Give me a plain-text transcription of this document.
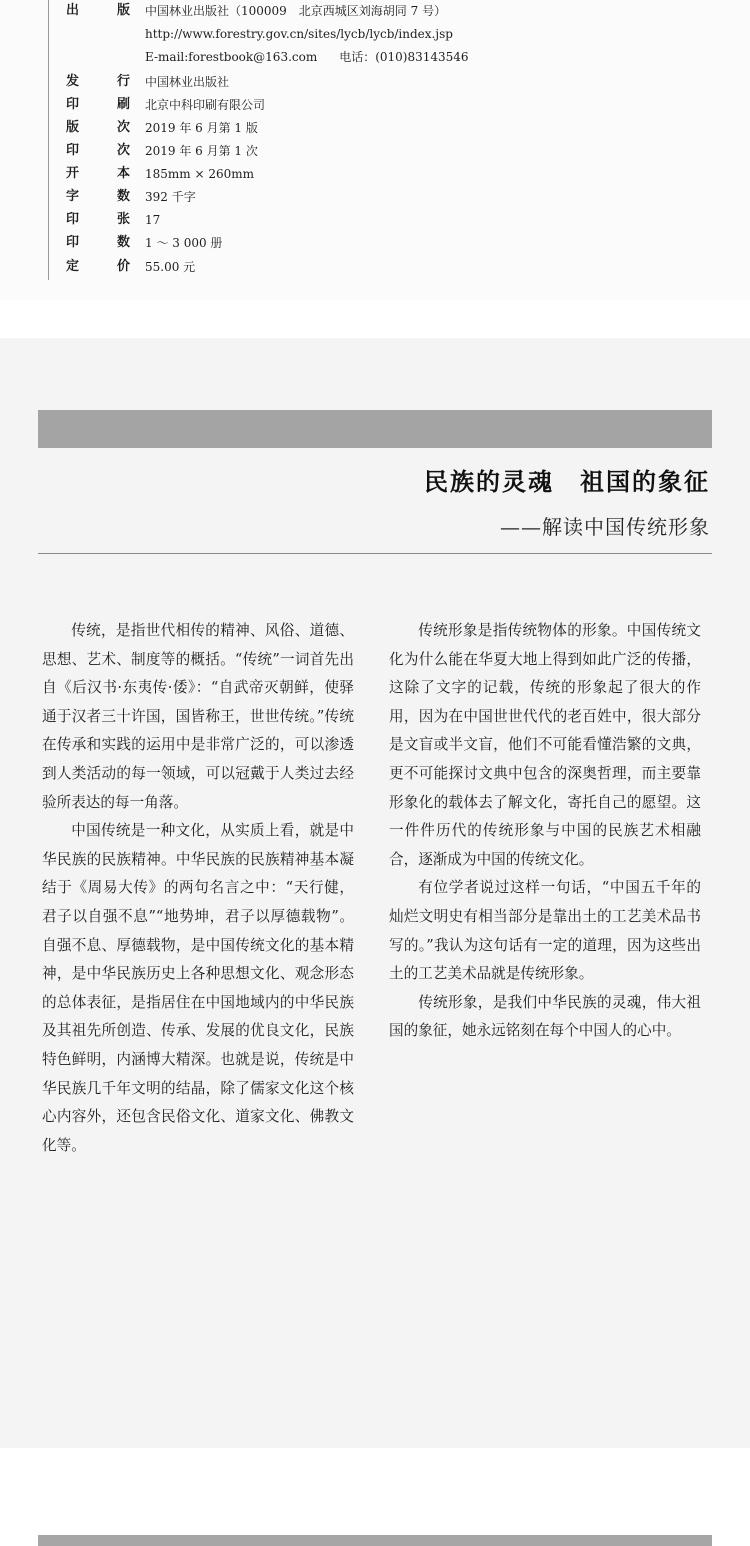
出	版 中国林业出版社（100009　北京西城区刘海胡同 7 号）
http://www.forestry.gov.cn/sites/lycb/lycb/index.jsp
E-mail:forestbook@163.com 电话：(010)83143546
发	行 中国林业出版社
印	刷 北京中科印刷有限公司
版	次 2019 年 6 月第 1 版
印	次 2019 年 6 月第 1 次
开	本 185mm × 260mm
字	数 392 千字
印	张 17
印	数 1 ～ 3 000 册
定	价 55.00 元
民族的灵魂　祖国的象征
——解读中国传统形象

传统，是指世代相传的精神、风俗、道德、思想、艺术、制度等的概括。“传统”一词首先出自《后汉书·东夷传·倭》：“自武帝灭朝鲜，使驿通于汉者三十许国，国皆称王，世世传统。”传统在传承和实践的运用中是非常广泛的，可以渗透到人类活动的每一领域，可以冠戴于人类过去经验所表达的每一角落。

中国传统是一种文化，从实质上看，就是中华民族的民族精神。中华民族的民族精神基本凝结于《周易大传》的两句名言之中：“天行健，君子以自强不息”“地势坤，君子以厚德载物”。自强不息、厚德载物，是中国传统文化的基本精神，是中华民族历史上各种思想文化、观念形态的总体表征，是指居住在中国地域内的中华民族及其祖先所创造、传承、发展的优良文化，民族特色鲜明，内涵博大精深。也就是说，传统是中华民族几千年文明的结晶，除了儒家文化这个核心内容外，还包含民俗文化、道家文化、佛教文化等。

传统形象是指传统物体的形象。中国传统文化为什么能在华夏大地上得到如此广泛的传播，这除了文字的记载，传统的形象起了很大的作用，因为在中国世世代代的老百姓中，很大部分是文盲或半文盲，他们不可能看懂浩繁的文典，更不可能探讨文典中包含的深奥哲理，而主要靠形象化的载体去了解文化，寄托自己的愿望。这一件件历代的传统形象与中国的民族艺术相融合，逐渐成为中国的传统文化。

有位学者说过这样一句话，“中国五千年的灿烂文明史有相当部分是靠出土的工艺美术品书写的。”我认为这句话有一定的道理，因为这些出土的工艺美术品就是传统形象。

传统形象，是我们中华民族的灵魂，伟大祖国的象征，她永远铭刻在每个中国人的心中。
